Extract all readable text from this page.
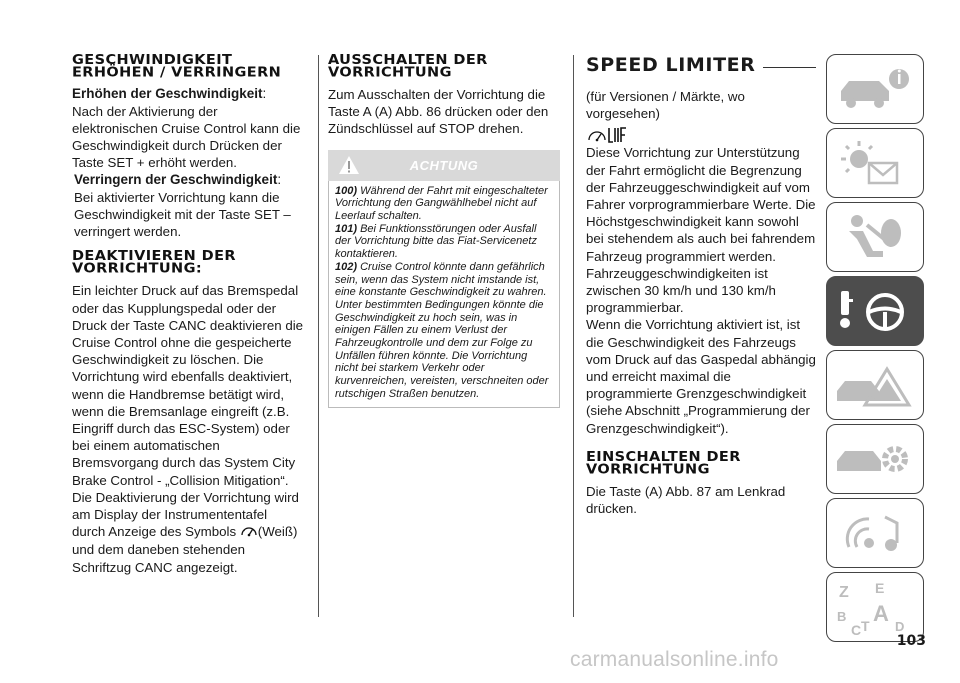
GESCHWINDIGKEIT
ERHÖHEN / VERRINGERN
Erhöhen der Geschwindigkeit:

Nach der Aktivierung der elektronischen Cruise Control kann die Geschwindigkeit durch Drücken der Taste SET + erhöht werden.

Verringern der Geschwindigkeit:

Bei aktivierter Vorrichtung kann die Geschwindigkeit mit der Taste SET – verringert werden.

DEAKTIVIEREN DER
VORRICHTUNG:

Ein leichter Druck auf das Bremspedal oder das Kupplungspedal oder der Druck der Taste CANC deaktivieren die Cruise Control ohne die gespeicherte Geschwindigkeit zu löschen. Die Vorrichtung wird ebenfalls deaktiviert, wenn die Handbremse betätigt wird, wenn die Bremsanlage eingreift (z.B. Eingriff durch das ESC-System) oder bei einem automatischen Bremsvorgang durch das System City Brake Control - „Collision Mitigation“. Die Deaktivierung der Vorrichtung wird am Display der Instrumententafel durch Anzeige des Symbols (Weiß) und dem daneben stehenden Schriftzug CANC angezeigt.

AUSSCHALTEN DER
VORRICHTUNG

Zum Ausschalten der Vorrichtung die Taste A (A) Abb. 86 drücken oder den Zündschlüssel auf STOP drehen.

ACHTUNG

100) Während der Fahrt mit eingeschalteter Vorrichtung den Gangwählhebel nicht auf Leerlauf schalten.

101) Bei Funktionsstörungen oder Ausfall der Vorrichtung bitte das Fiat-Servicenetz kontaktieren.

102) Cruise Control könnte dann gefährlich sein, wenn das System nicht imstande ist, eine konstante Geschwindigkeit zu wahren. Unter bestimmten Bedingungen könnte die Geschwindigkeit zu hoch sein, was in einigen Fällen zu einem Verlust der Fahrzeugkontrolle und dem zur Folge zu Unfällen führen könnte. Die Vorrichtung nicht bei starkem Verkehr oder kurvenreichen, vereisten, verschneiten oder rutschigen Straßen benutzen.

SPEED LIMITER

(für Versionen / Märkte, wo vorgesehen)

Diese Vorrichtung zur Unterstützung der Fahrt ermöglicht die Begrenzung der Fahrzeuggeschwindigkeit auf vom Fahrer vorprogrammierbare Werte. Die Höchstgeschwindigkeit kann sowohl bei stehendem als auch bei fahrendem Fahrzeug programmiert werden. Fahrzeuggeschwindigkeiten ist zwischen 30 km/h und 130 km/h programmierbar.

Wenn die Vorrichtung aktiviert ist, ist die Geschwindigkeit des Fahrzeugs vom Druck auf das Gaspedal abhängig und erreicht maximal die programmierte Grenzgeschwindigkeit (siehe Abschnitt „Programmierung der Grenzgeschwindigkeit“).

EINSCHALTEN DER
VORRICHTUNG

Die Taste (A) Abb. 87 am Lenkrad drücken.

Z E
B A
C T D
103
carmanualsonline.info
